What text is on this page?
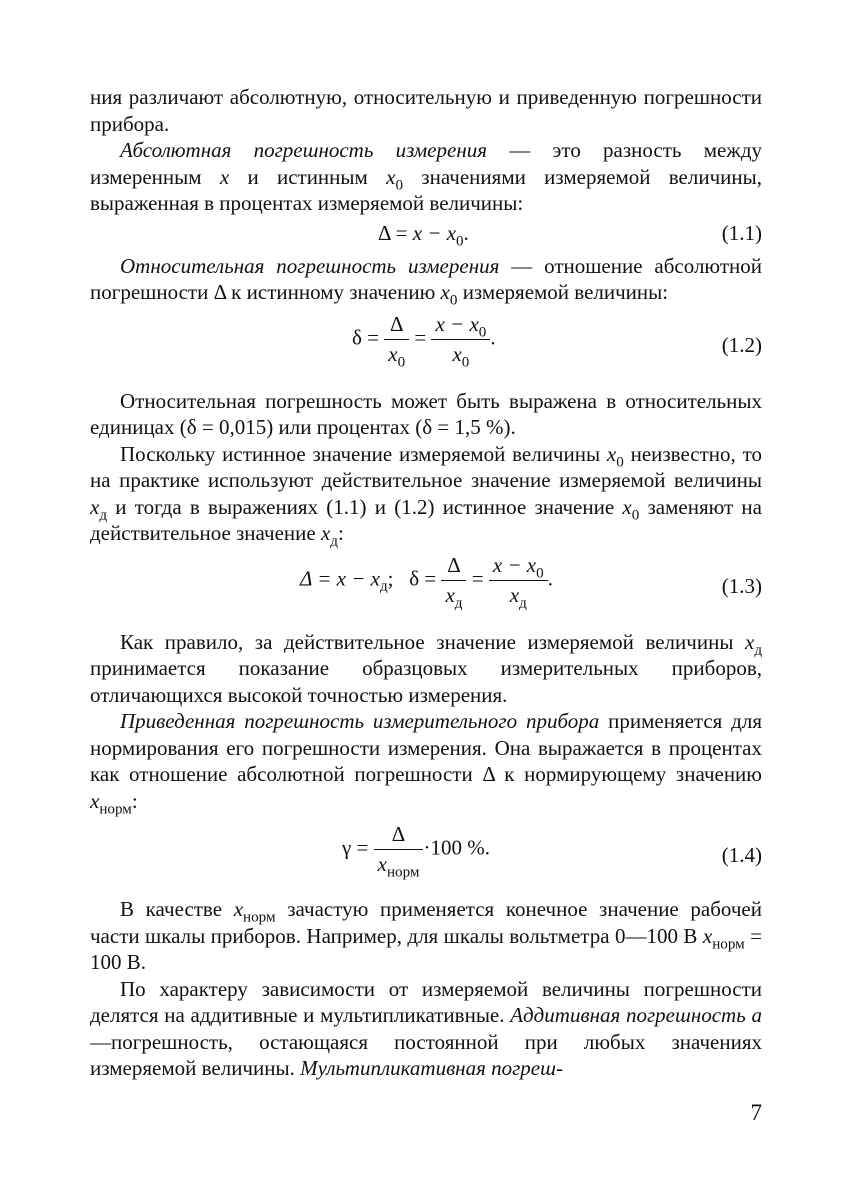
ния различают абсолютную, относительную и приведенную погрешности прибора.

Абсолютная погрешность измерения — это разность между измеренным x и истинным $x_0$ значениями измеряемой величины, выраженная в процентах измеряемой величины:

$\Delta = x - x_0$.	(1.1)

Относительная погрешность измерения — отношение абсолютной погрешности Δ к истинному значению $x_0$ измеряемой величины:

$\delta = \frac{\Delta}{x_0} = \frac{x - x_0}{x_0}$ .	(1.2)

Относительная погрешность может быть выражена в относительных единицах (δ = 0,015) или процентах (δ = 1,5 %).

Поскольку истинное значение измеряемой величины $x_0$ неизвестно, то на практике используют действительное значение измеряемой величины $x_д$ и тогда в выражениях (1.1) и (1.2) истинное значение $x_0$ заменяют на действительное значение $x_д$:

$\Delta = x - x_д$;   $\delta = \frac{\Delta}{x_д} = \frac{x - x_0}{x_д}$ .	(1.3)

Как правило, за действительное значение измеряемой величины $x_д$ принимается показание образцовых измерительных приборов, отличающихся высокой точностью измерения.

Приведенная погрешность измерительного прибора применяется для нормирования его погрешности измерения. Она выражается в процентах как отношение абсолютной погрешности Δ к нормирующему значению $x_{норм}$:

$\gamma = \frac{\Delta}{x_{норм}} \cdot 100$ %.	(1.4)

В качестве $x_{норм}$ зачастую применяется конечное значение рабочей части шкалы приборов. Например, для шкалы вольтметра 0—100 В $x_{норм} = 100$ В.

По характеру зависимости от измеряемой величины погрешности делятся на аддитивные и мультипликативные. Аддитивная погрешность а —погрешность, остающаяся постоянной при любых значениях измеряемой величины. Мультипликативная погреш-

7
